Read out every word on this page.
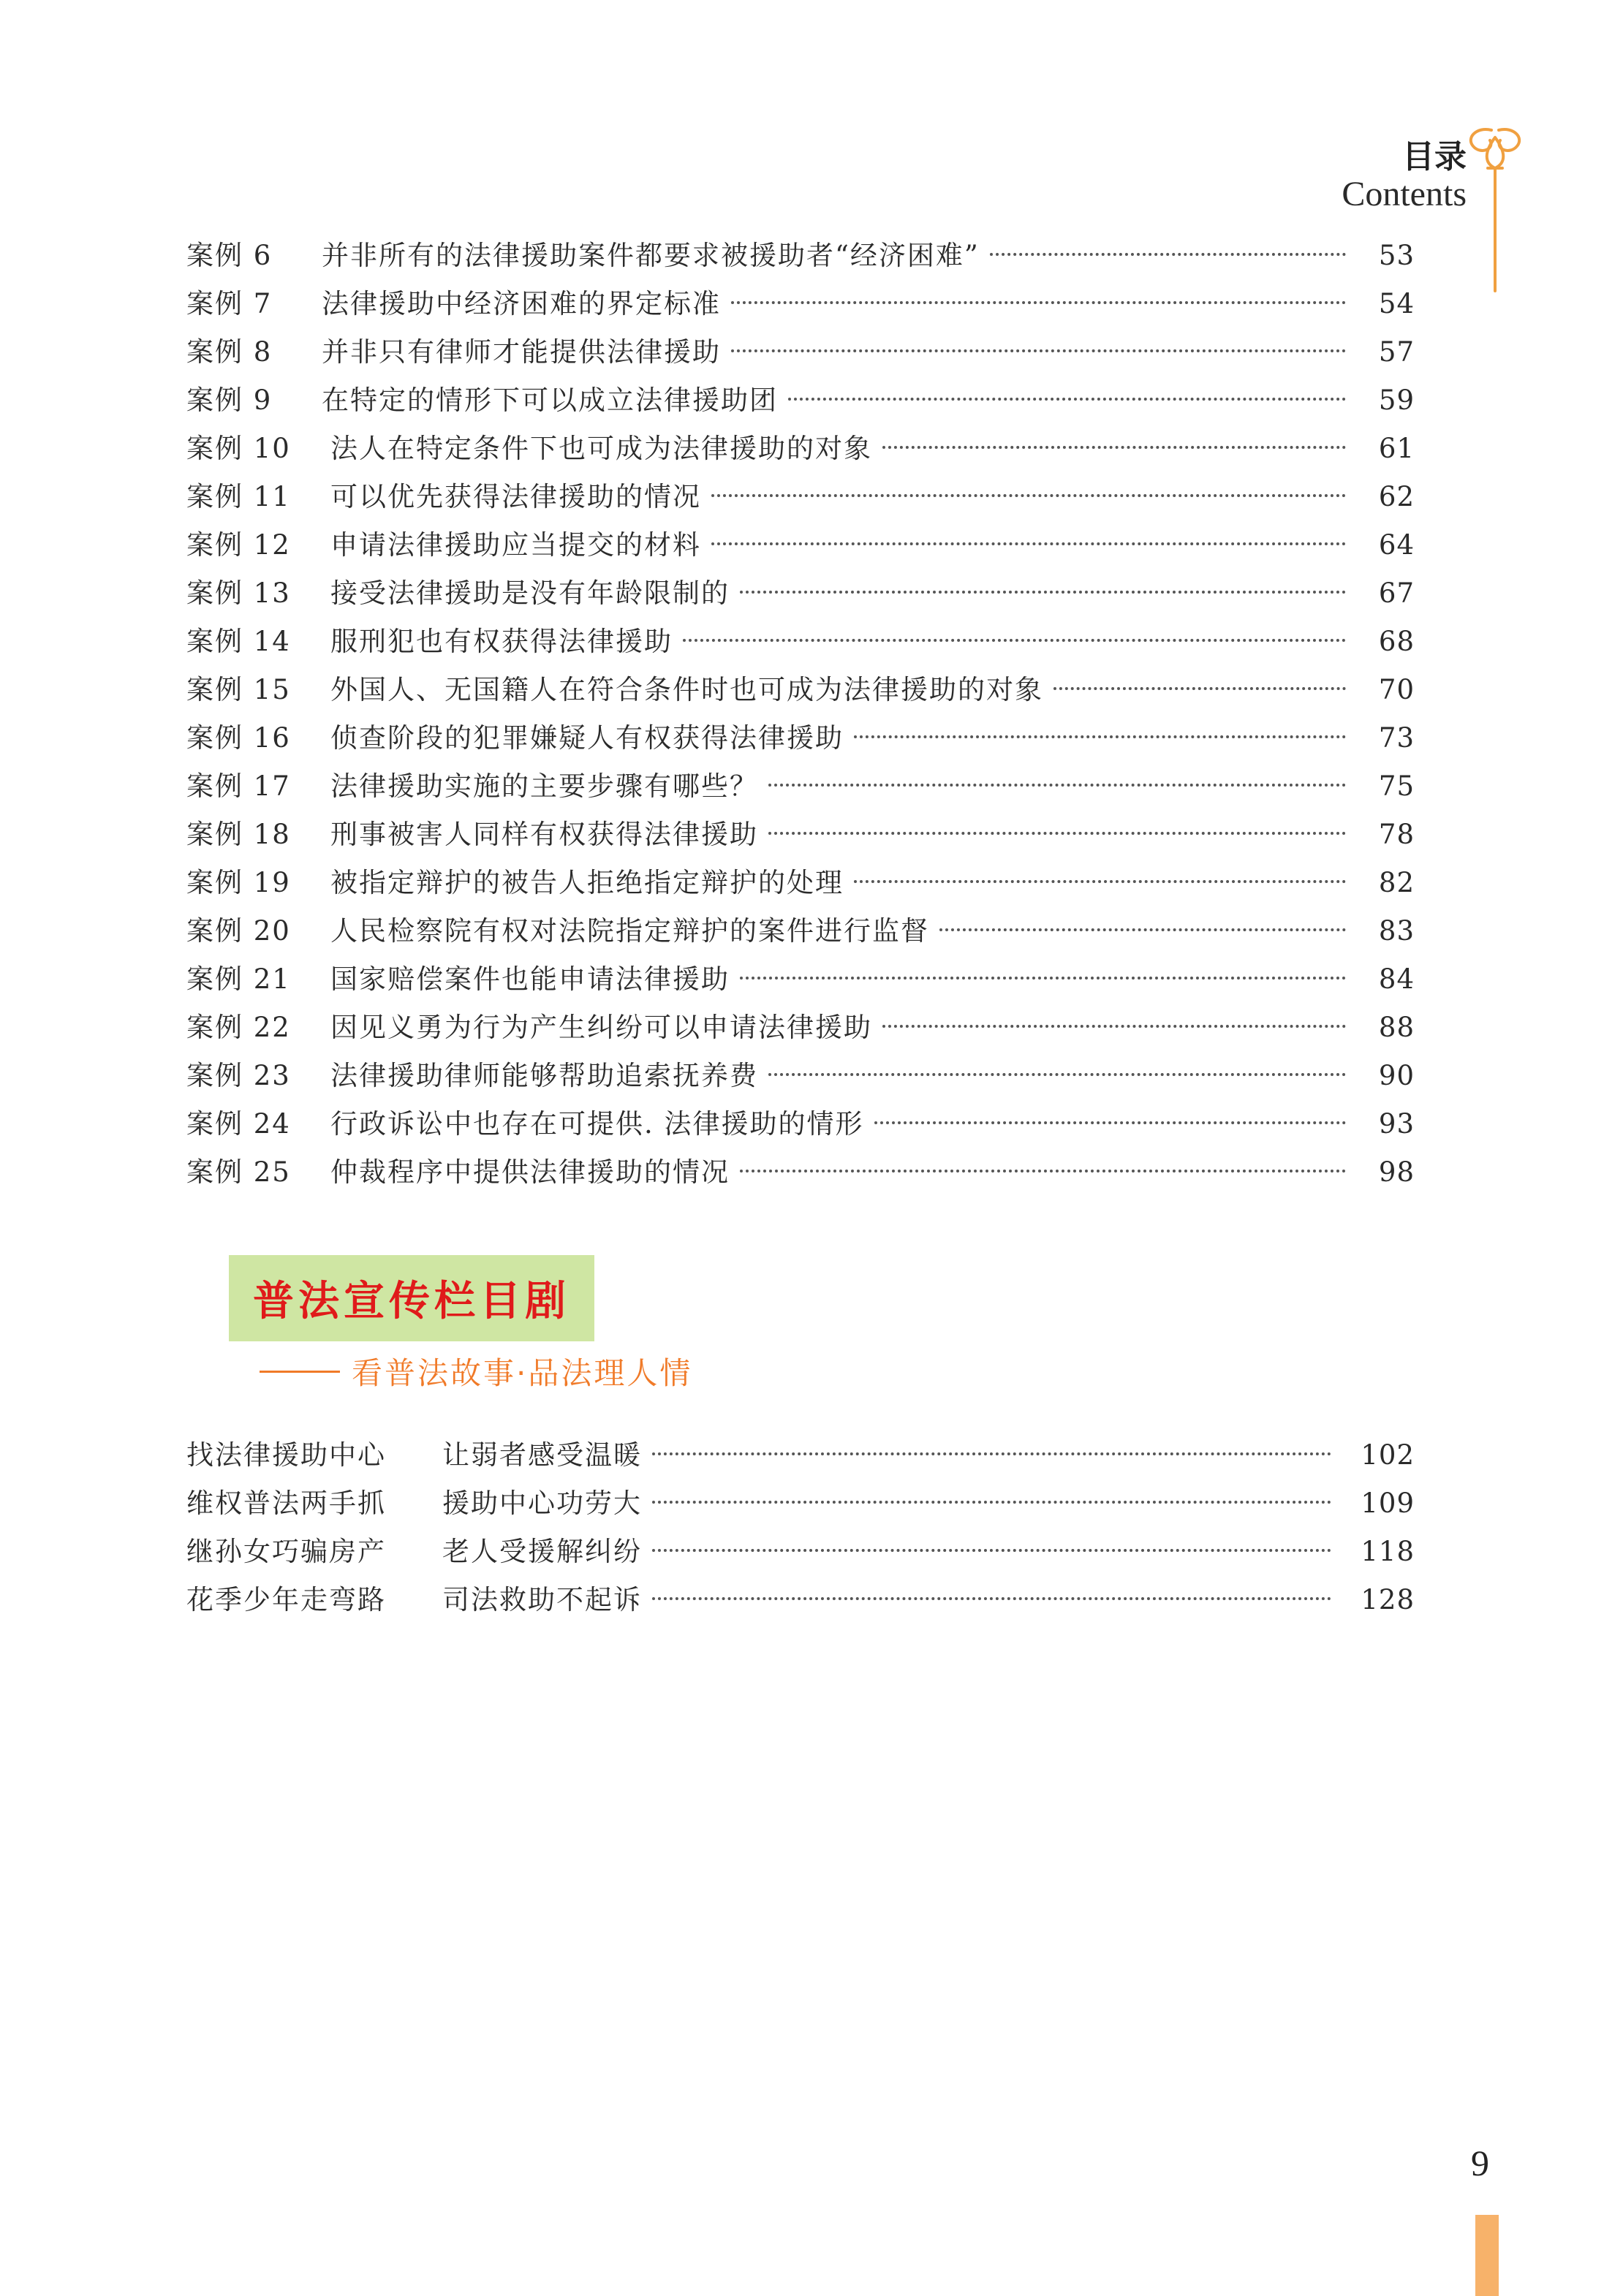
目录
Contents
案例 6	并非所有的法律援助案件都要求被援助者“经济困难”	53
案例 7	法律援助中经济困难的界定标准	54
案例 8	并非只有律师才能提供法律援助	57
案例 9	在特定的情形下可以成立法律援助团	59
案例 10	法人在特定条件下也可成为法律援助的对象	61
案例 11	可以优先获得法律援助的情况	62
案例 12	申请法律援助应当提交的材料	64
案例 13	接受法律援助是没有年龄限制的	67
案例 14	服刑犯也有权获得法律援助	68
案例 15	外国人、无国籍人在符合条件时也可成为法律援助的对象	70
案例 16	侦查阶段的犯罪嫌疑人有权获得法律援助	73
案例 17	法律援助实施的主要步骤有哪些？	75
案例 18	刑事被害人同样有权获得法律援助	78
案例 19	被指定辩护的被告人拒绝指定辩护的处理	82
案例 20	人民检察院有权对法院指定辩护的案件进行监督	83
案例 21	国家赔偿案件也能申请法律援助	84
案例 22	因见义勇为行为产生纠纷可以申请法律援助	88
案例 23	法律援助律师能够帮助追索抚养费	90
案例 24	行政诉讼中也存在可提供. 法律援助的情形	93
案例 25	仲裁程序中提供法律援助的情况	98
普法宣传栏目剧
看普法故事·品法理人情
找法律援助中心	让弱者感受温暖	102
维权普法两手抓	援助中心功劳大	109
继孙女巧骗房产	老人受援解纠纷	118
花季少年走弯路	司法救助不起诉	128
9
